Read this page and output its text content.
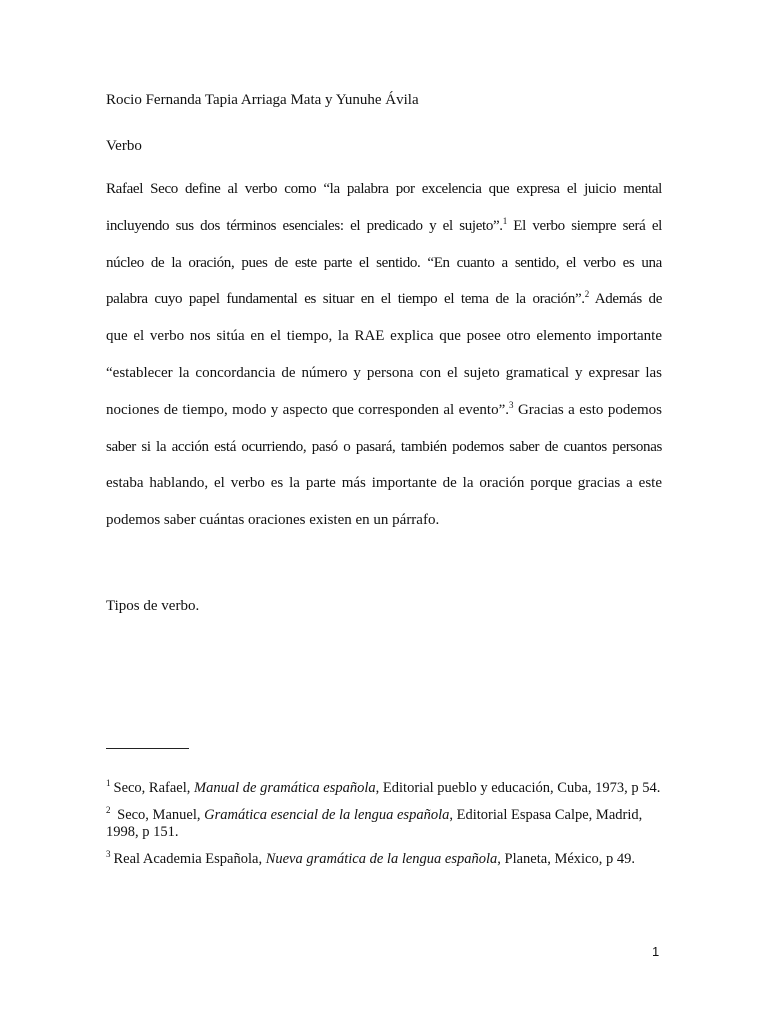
Rocio Fernanda Tapia Arriaga Mata y Yunuhe Ávila
Verbo
Rafael Seco define al verbo como “la palabra por excelencia que expresa el juicio mental
incluyendo sus dos términos esenciales: el predicado y el sujeto”.$^1$ El verbo siempre será el
núcleo de la oración, pues de este parte el sentido. “En cuanto a sentido, el verbo es una
palabra cuyo papel fundamental es situar en el tiempo el tema de la oración”.$^2$ Además de
que el verbo nos sitúa en el tiempo, la RAE explica que posee otro elemento importante
“establecer la concordancia de número y persona con el sujeto gramatical y expresar las
nociones de tiempo, modo y aspecto que corresponden al evento”.$^3$ Gracias a esto podemos
saber si la acción está ocurriendo, pasó o pasará, también podemos saber de cuantos personas
estaba hablando, el verbo es la parte más importante de la oración porque gracias a este
podemos saber cuántas oraciones existen en un párrafo.
Tipos de verbo.
$^1$ Seco, Rafael, Manual de gramática española, Editorial pueblo y educación, Cuba, 1973, p 54.
$^2$ Seco, Manuel, Gramática esencial de la lengua española, Editorial Espasa Calpe, Madrid, 1998, p 151.
$^3$ Real Academia Española, Nueva gramática de la lengua española, Planeta, México, p 49.
1
